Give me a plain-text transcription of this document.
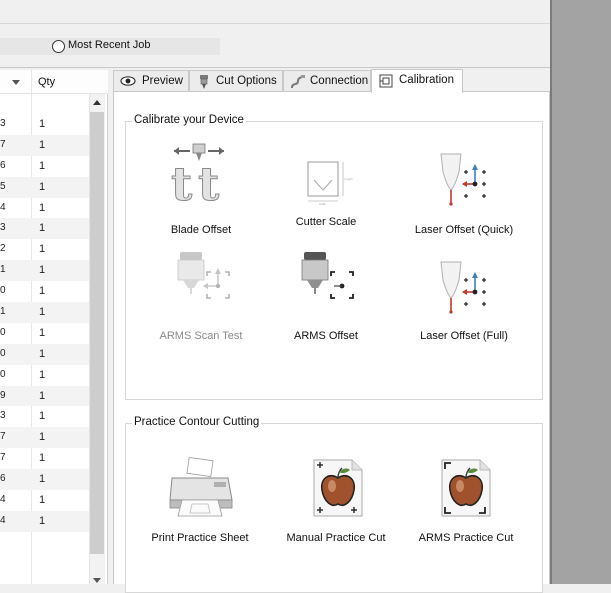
Most Recent Job
Qty
3	1
7	1
6	1
5	1
4	1
3	1
2	1
1	1
0	1
1	1
0	1
0	1
0	1
9	1
3	1
7	1
7	1
6	1
4	1
4	1
Preview	Cut Options	Connection	Calibration
Calibrate your Device
t t
Blade Offset
length
width
Cutter Scale
Laser Offset (Quick)
ARMS Scan Test	ARMS Offset	Laser Offset (Full)
Practice Contour Cutting
Print Practice Sheet	Manual Practice Cut	ARMS Practice Cut
